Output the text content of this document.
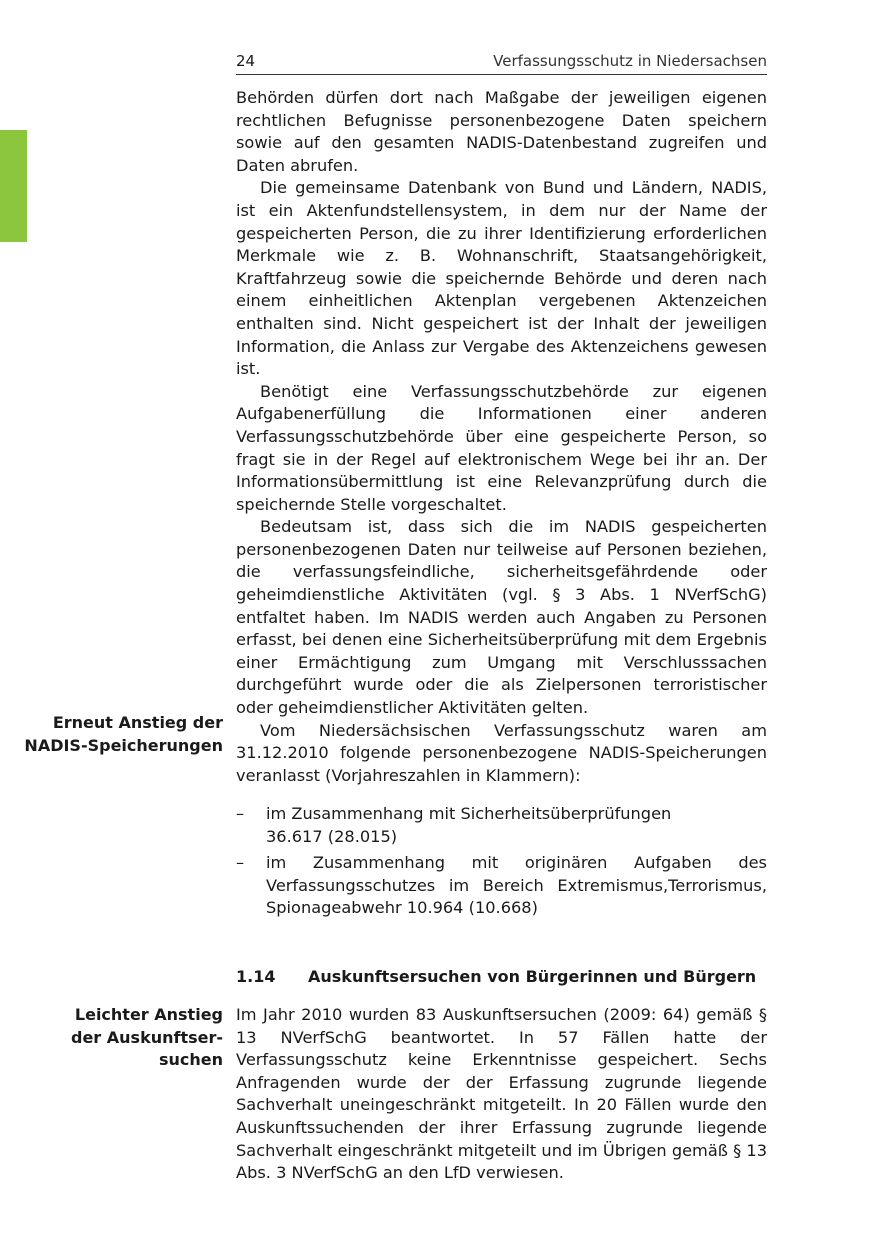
24	Verfassungsschutz in Niedersachsen

Behörden dürfen dort nach Maßgabe der jeweiligen eigenen rechtlichen Befugnisse personenbezogene Daten speichern sowie auf den gesamten NADIS-Datenbestand zugreifen und Daten abrufen.

Die gemeinsame Datenbank von Bund und Ländern, NADIS, ist ein Aktenfundstellensystem, in dem nur der Name der gespeicherten Person, die zu ihrer Identifizierung erforderlichen Merkmale wie z. B. Wohnanschrift, Staatsangehörigkeit, Kraftfahrzeug sowie die speichernde Behörde und deren nach einem einheitlichen Aktenplan vergebenen Aktenzeichen enthalten sind. Nicht gespeichert ist der Inhalt der jeweiligen Information, die Anlass zur Vergabe des Aktenzeichens gewesen ist.

Benötigt eine Verfassungsschutzbehörde zur eigenen Aufgabenerfüllung die Informationen einer anderen Verfassungsschutzbehörde über eine gespeicherte Person, so fragt sie in der Regel auf elektronischem Wege bei ihr an. Der Informationsübermittlung ist eine Relevanzprüfung durch die speichernde Stelle vorgeschaltet.

Bedeutsam ist, dass sich die im NADIS gespeicherten personenbezogenen Daten nur teilweise auf Personen beziehen, die verfassungsfeindliche, sicherheitsgefährdende oder geheimdienstliche Aktivitäten (vgl. § 3 Abs. 1 NVerfSchG) entfaltet haben. Im NADIS werden auch Angaben zu Personen erfasst, bei denen eine Sicherheitsüberprüfung mit dem Ergebnis einer Ermächtigung zum Umgang mit Verschlusssachen durchgeführt wurde oder die als Zielpersonen terroristischer oder geheimdienstlicher Aktivitäten gelten.

Vom Niedersächsischen Verfassungsschutz waren am 31.12.2010 folgende personenbezogene NADIS-Speicherungen veranlasst (Vorjahreszahlen in Klammern):

Erneut Anstieg der
NADIS-Speicherungen
– im Zusammenhang mit Sicherheitsüberprüfungen
36.617 (28.015)
– im Zusammenhang mit originären Aufgaben des Verfassungsschutzes im Bereich Extremismus,Terrorismus, Spionageabwehr 10.964 (10.668)
1.14 Auskunftsersuchen von Bürgerinnen und Bürgern
Leichter Anstieg
der Auskunftser-
suchen

Im Jahr 2010 wurden 83 Auskunftsersuchen (2009: 64) gemäß § 13 NVerfSchG beantwortet. In 57 Fällen hatte der Verfassungsschutz keine Erkenntnisse gespeichert. Sechs Anfragenden wurde der der Erfassung zugrunde liegende Sachverhalt uneingeschränkt mitgeteilt. In 20 Fällen wurde den Auskunftssuchenden der ihrer Erfassung zugrunde liegende Sachverhalt eingeschränkt mitgeteilt und im Übrigen gemäß § 13 Abs. 3 NVerfSchG an den LfD verwiesen.
